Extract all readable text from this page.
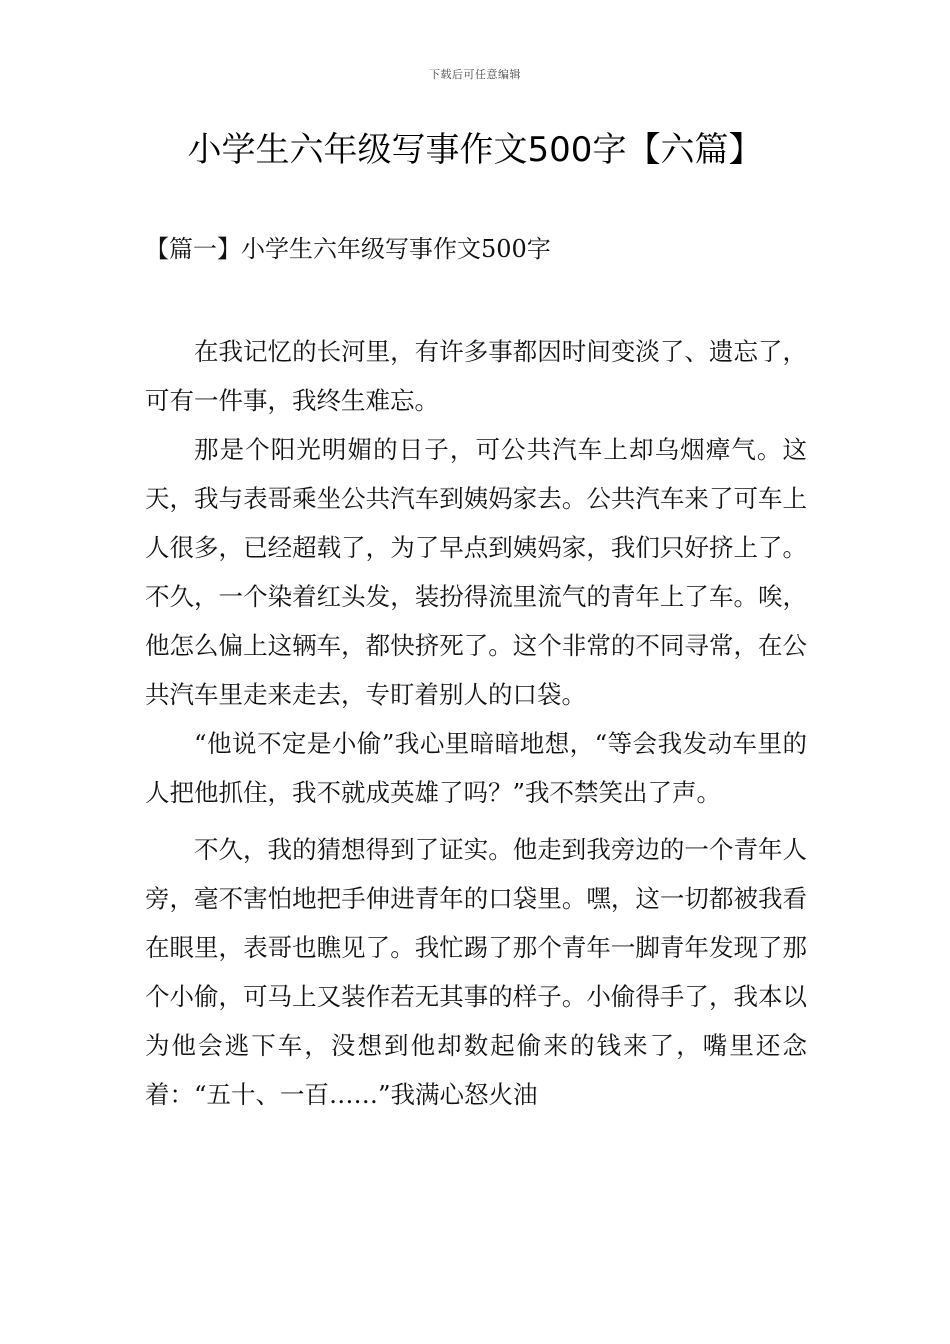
下载后可任意编辑
小学生六年级写事作文500字【六篇】
【篇一】小学生六年级写事作文500字

在我记忆的长河里，有许多事都因时间变淡了、遗忘了，可有一件事，我终生难忘。

那是个阳光明媚的日子，可公共汽车上却乌烟瘴气。这天，我与表哥乘坐公共汽车到姨妈家去。公共汽车来了可车上人很多，已经超载了，为了早点到姨妈家，我们只好挤上了。不久，一个染着红头发，装扮得流里流气的青年上了车。唉，他怎么偏上这辆车，都快挤死了。这个非常的不同寻常，在公共汽车里走来走去，专盯着别人的口袋。

“他说不定是小偷”我心里暗暗地想，“等会我发动车里的人把他抓住，我不就成英雄了吗？”我不禁笑出了声。

不久，我的猜想得到了证实。他走到我旁边的一个青年人旁，毫不害怕地把手伸进青年的口袋里。嘿，这一切都被我看在眼里，表哥也瞧见了。我忙踢了那个青年一脚青年发现了那个小偷，可马上又装作若无其事的样子。小偷得手了，我本以为他会逃下车，没想到他却数起偷来的钱来了，嘴里还念着：“五十、一百……”我满心怒火油
